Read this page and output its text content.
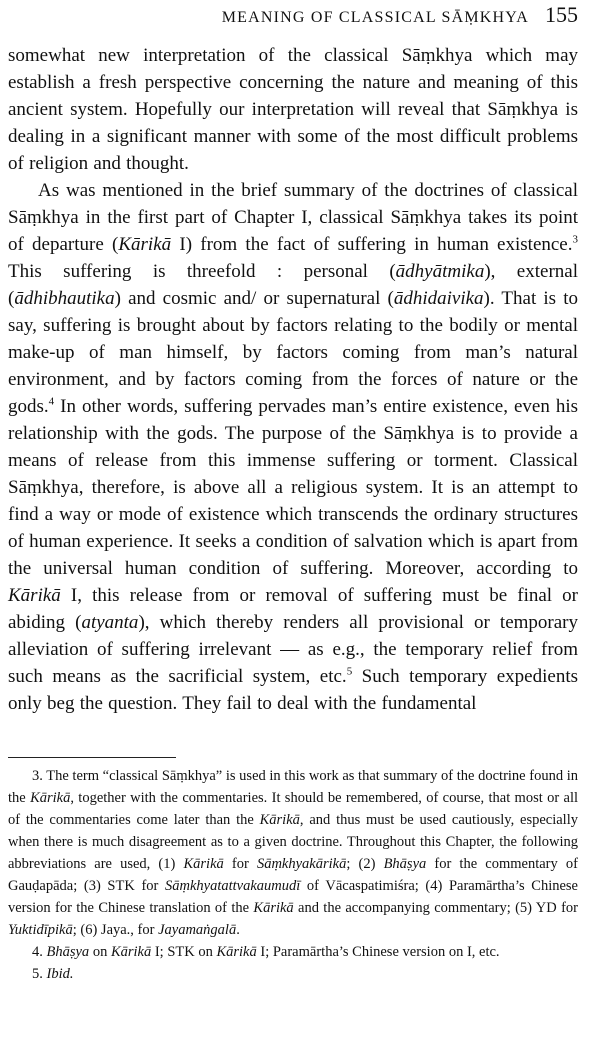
MEANING OF CLASSICAL SĀṂKHYA 155

somewhat new interpretation of the classical Sāṃkhya which may establish a fresh perspective concerning the nature and meaning of this ancient system. Hopefully our interpretation will reveal that Sāṃkhya is dealing in a significant manner with some of the most difficult problems of religion and thought.

As was mentioned in the brief summary of the doctrines of classical Sāṃkhya in the first part of Chapter I, classical Sāṃkhya takes its point of departure (Kārikā I) from the fact of suffering in human existence.$^3$ This suffering is threefold : personal (ādhyātmika), external (ādhibhautika) and cosmic and/ or supernatural (ādhidaivika). That is to say, suffering is brought about by factors relating to the bodily or mental make-up of man himself, by factors coming from man’s natural environment, and by factors coming from the forces of nature or the gods.$^4$ In other words, suffering pervades man’s entire existence, even his relationship with the gods. The purpose of the Sāṃkhya is to provide a means of release from this immense suffering or torment. Classical Sāṃkhya, therefore, is above all a religious system. It is an attempt to find a way or mode of existence which transcends the ordinary structures of human experience. It seeks a condition of salvation which is apart from the universal human condition of suffering. Moreover, according to Kārikā I, this release from or removal of suffering must be final or abiding (atyanta), which thereby renders all provisional or temporary alleviation of suffering irrelevant — as e.g., the temporary relief from such means as the sacrificial system, etc.$^5$ Such temporary expedients only beg the question. They fail to deal with the fundamental

3. The term “classical Sāṃkhya” is used in this work as that summary of the doctrine found in the Kārikā, together with the commentaries. It should be remembered, of course, that most or all of the commentaries come later than the Kārikā, and thus must be used cautiously, especially when there is much disagreement as to a given doctrine. Throughout this Chapter, the following abbreviations are used, (1) Kārikā for Sāṃkhyakārikā; (2) Bhāṣya for the commentary of Gauḍapāda; (3) STK for Sāṃkhyatattvakaumudī of Vācaspatimiśra; (4) Paramārtha’s Chinese version for the Chinese translation of the Kārikā and the accompanying commentary; (5) YD for Yuktidīpikā; (6) Jaya., for Jayamaṅgalā.

4. Bhāṣya on Kārikā I; STK on Kārikā I; Paramārtha’s Chinese version on I, etc.

5. Ibid.
